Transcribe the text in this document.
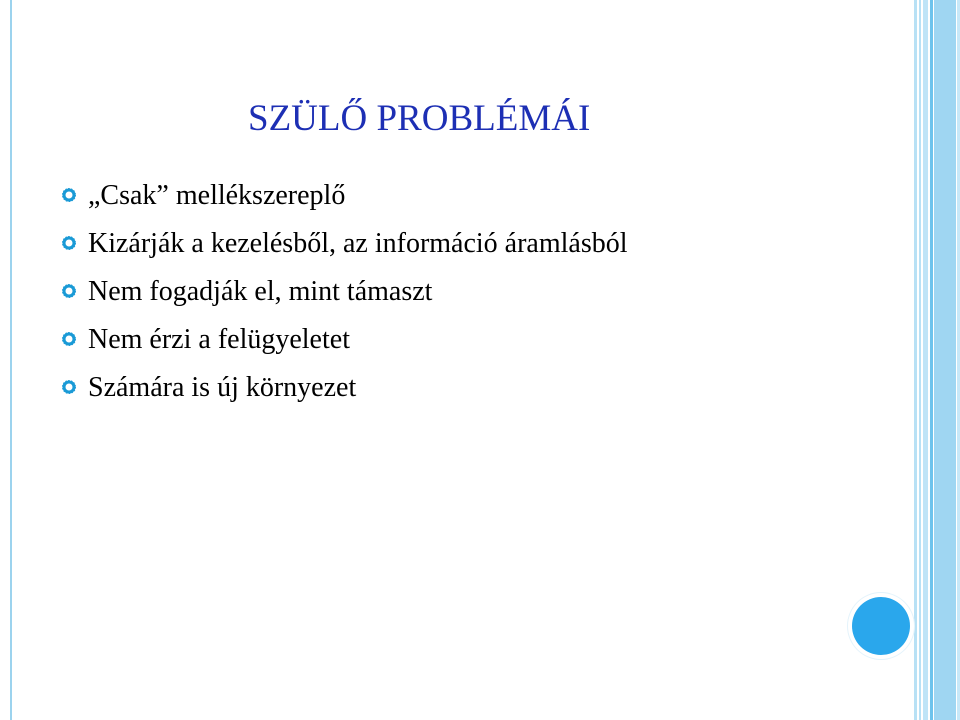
SZÜLŐ PROBLÉMÁI
„Csak” mellékszereplő
Kizárják a kezelésből, az információ áramlásból
Nem fogadják el, mint támaszt
Nem érzi a felügyeletet
Számára is új környezet
